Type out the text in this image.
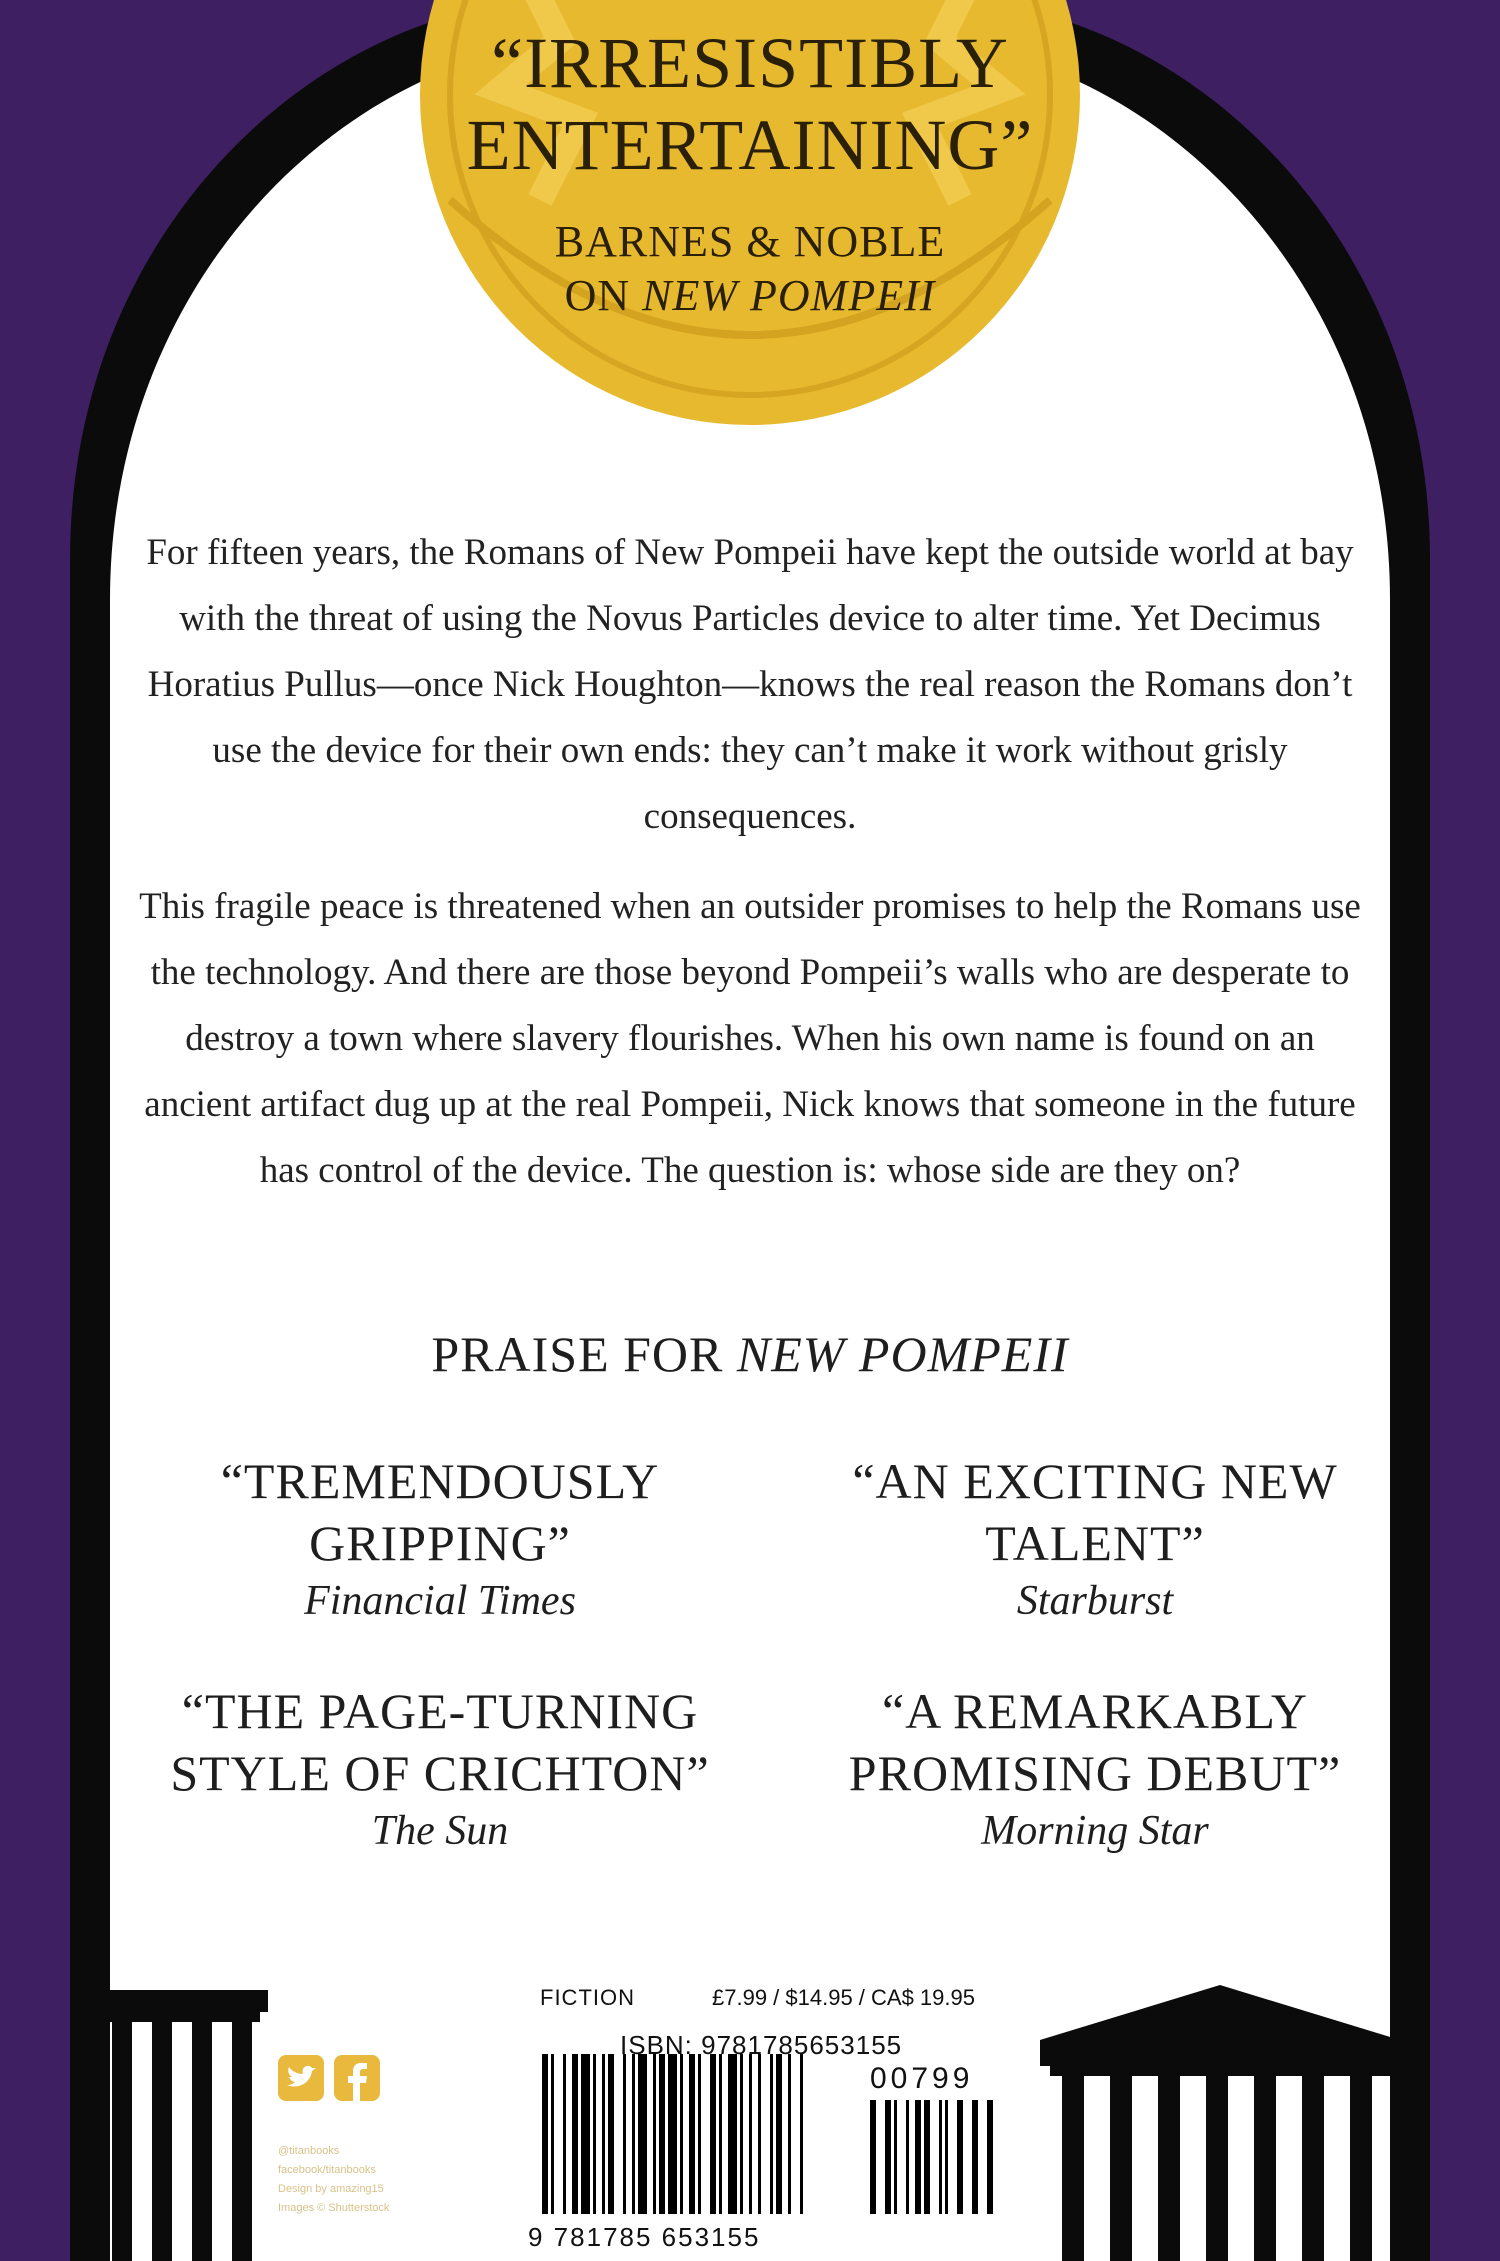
“IRRESISTIBLY ENTERTAINING”
BARNES & NOBLE
ON NEW POMPEII

For fifteen years, the Romans of New Pompeii have kept the outside world at bay with the threat of using the Novus Particles device to alter time. Yet Decimus Horatius Pullus—once Nick Houghton—knows the real reason the Romans don’t use the device for their own ends: they can’t make it work without grisly consequences.

This fragile peace is threatened when an outsider promises to help the Romans use the technology. And there are those beyond Pompeii’s walls who are desperate to destroy a town where slavery flourishes. When his own name is found on an ancient artifact dug up at the real Pompeii, Nick knows that someone in the future has control of the device. The question is: whose side are they on?

PRAISE FOR NEW POMPEII
“TREMENDOUSLY GRIPPING”
Financial Times
“AN EXCITING NEW TALENT”
Starburst
“THE PAGE-TURNING STYLE OF CRICHTON”
The Sun
“A REMARKABLY PROMISING DEBUT”
Morning Star
FICTION	£7.99 / $14.95 / CA$ 19.95
ISBN: 9781785653155
00799
9 781785 653155
@titanbooks
facebook/titanbooks
Design by amazing15
Images © Shutterstock
